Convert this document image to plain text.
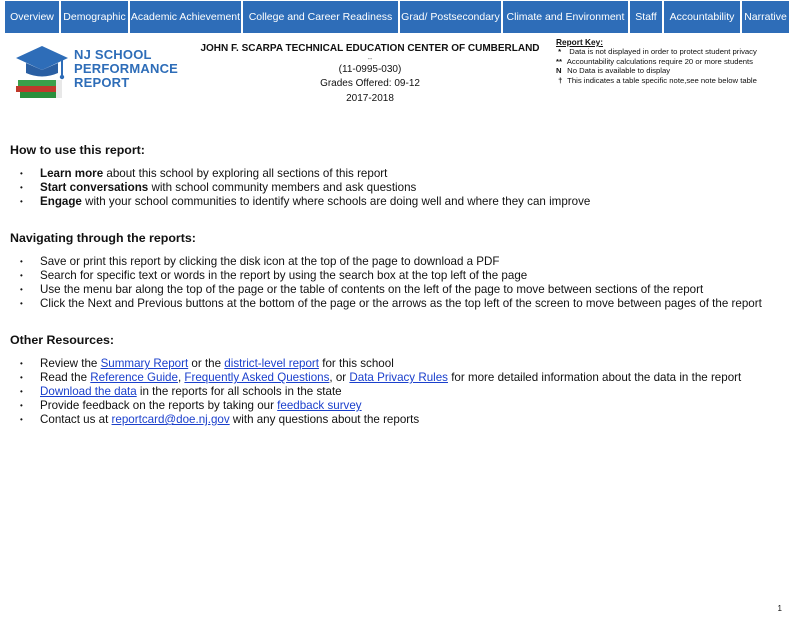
Overview Demographic Academic Achievement College and Career Readiness Grad/ Postsecondary Climate and Environment	Staff	Accountability Narrative
NJ SCHOOL
PERFORMANCE
REPORT
JOHN F. SCARPA TECHNICAL EDUCATION CENTER OF CUMBERLAND
--
(11-0995-030)
Grades Offered: 09-12
2017-2018
Report Key:
* Data is not displayed in order to protect student privacy
** Accountability calculations require 20 or more students
N No Data is available to display
† This indicates a table specific note,see note below table
How to use this report:
• Learn more about this school by exploring all sections of this report
• Start conversations with school community members and ask questions
• Engage with your school communities to identify where schools are doing well and where they can improve
Navigating through the reports:
• Save or print this report by clicking the disk icon at the top of the page to download a PDF
• Search for specific text or words in the report by using the search box at the top left of the page
• Use the menu bar along the top of the page or the table of contents on the left of the page to move between sections of the report
• Click the Next and Previous buttons at the bottom of the page or the arrows as the top left of the screen to move between pages of the report
Other Resources:
• Review the Summary Report or the district-level report for this school
• Read the Reference Guide, Frequently Asked Questions, or Data Privacy Rules for more detailed information about the data in the report
• Download the data in the reports for all schools in the state
• Provide feedback on the reports by taking our feedback survey
• Contact us at reportcard@doe.nj.gov with any questions about the reports
1
